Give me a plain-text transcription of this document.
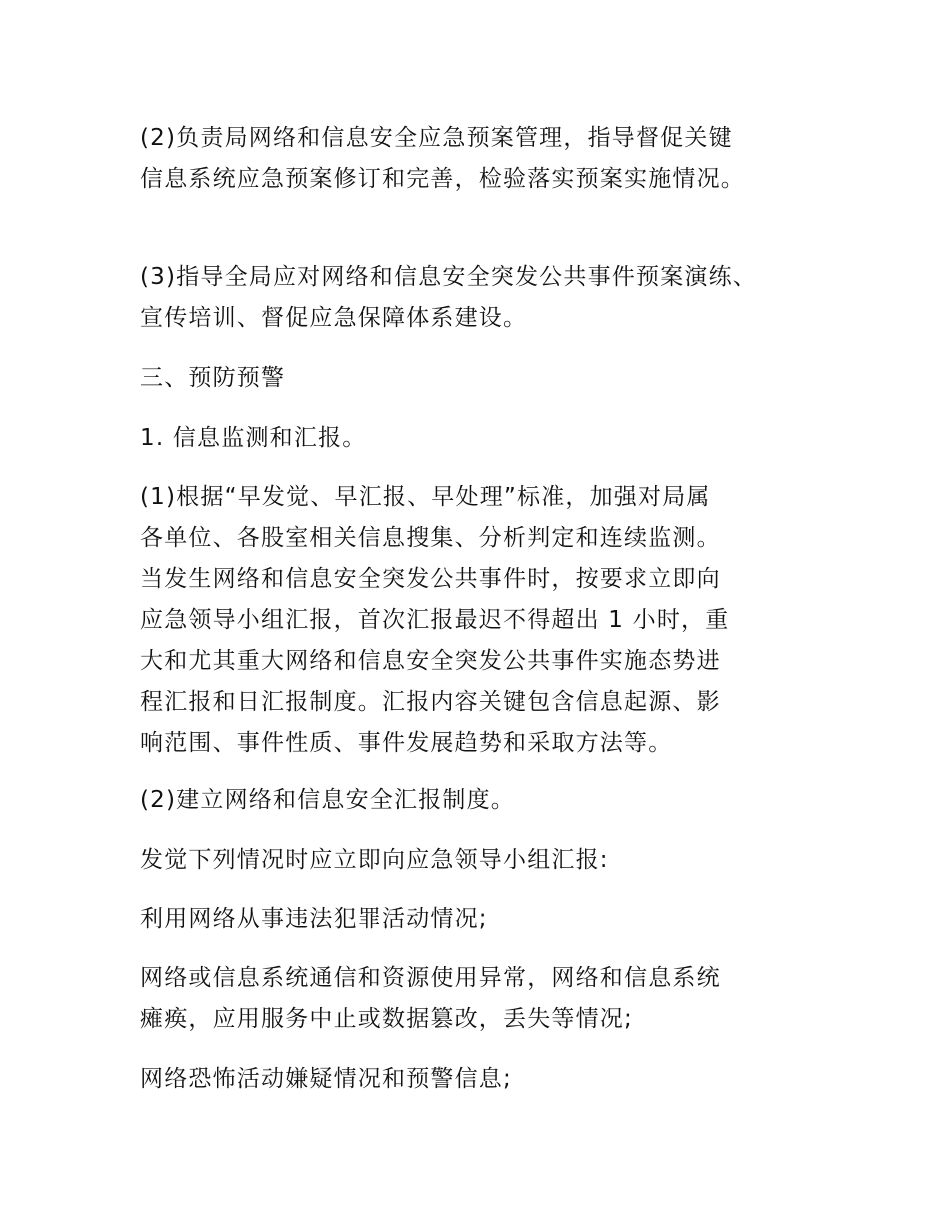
(2)负责局网络和信息安全应急预案管理，指导督促关键
信息系统应急预案修订和完善，检验落实预案实施情况。

(3)指导全局应对网络和信息安全突发公共事件预案演练、
宣传培训、督促应急保障体系建设。

三、预防预警

1. 信息监测和汇报。

(1)根据“早发觉、早汇报、早处理”标准，加强对局属
各单位、各股室相关信息搜集、分析判定和连续监测。
当发生网络和信息安全突发公共事件时，按要求立即向
应急领导小组汇报，首次汇报最迟不得超出 1 小时，重
大和尤其重大网络和信息安全突发公共事件实施态势进
程汇报和日汇报制度。汇报内容关键包含信息起源、影
响范围、事件性质、事件发展趋势和采取方法等。

(2)建立网络和信息安全汇报制度。

发觉下列情况时应立即向应急领导小组汇报:

利用网络从事违法犯罪活动情况;

网络或信息系统通信和资源使用异常，网络和信息系统
瘫痪，应用服务中止或数据篡改，丢失等情况;

网络恐怖活动嫌疑情况和预警信息;
